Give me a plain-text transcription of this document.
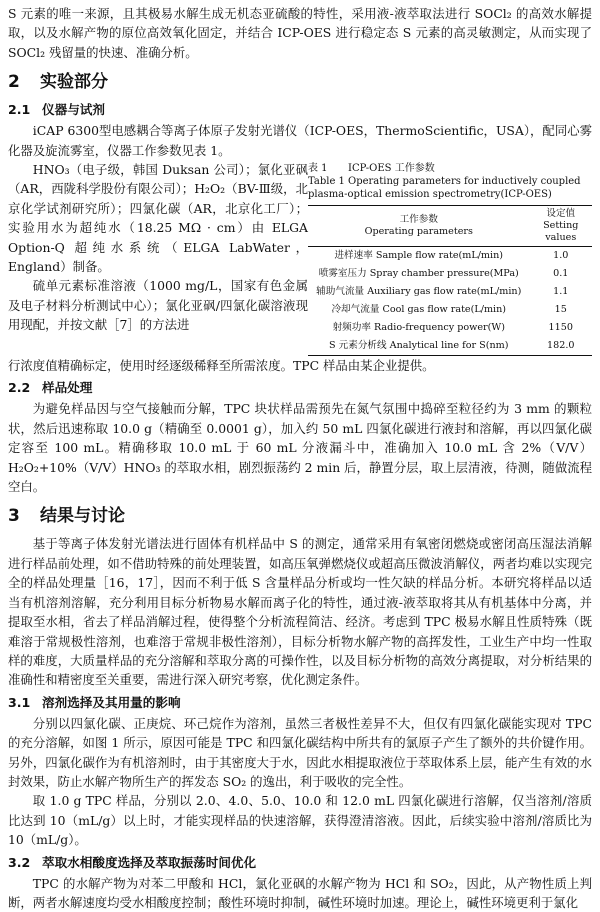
S 元素的唯一来源，且其极易水解生成无机态亚硫酸的特性，采用液-液萃取法进行 SOCl₂ 的高效水解提取，以及水解产物的原位高效氧化固定，并结合 ICP-OES 进行稳定态 S 元素的高灵敏测定，从而实现了 SOCl₂ 残留量的快速、准确分析。

2 实验部分
2.1 仪器与试剂

iCAP 6300型电感耦合等离子体原子发射光谱仪（ICP-OES，ThermoScientific，USA），配同心雾化器及旋流雾室，仪器工作参数见表 1。

HNO₃（电子级，韩国 Duksan 公司）；氯化亚砜（AR，西陇科学股份有限公司）；H₂O₂（BV-Ⅲ级，北京化学试剂研究所）；四氯化碳（AR，北京化工厂）；实验用水为超纯水（18.25 MΩ · cm）由 ELGA Option-Q 超纯水系统（ELGA LabWater，England）制备。

硫单元素标准溶液（1000 mg/L，国家有色金属及电子材料分析测试中心）；氯化亚砜/四氯化碳溶液现用现配，并按文献［7］的方法进

表 1 ICP-OES 工作参数
Table 1 Operating parameters for inductively coupled plasma-optical emission spectrometry(ICP-OES)
工作参数
Operating parameters	设定值
Setting values
进样速率 Sample flow rate(mL/min)	1.0
喷雾室压力 Spray chamber pressure(MPa)	0.1
辅助气流量 Auxiliary gas flow rate(mL/min)	1.1
冷却气流量 Cool gas flow rate(L/min)	15
射频功率 Radio-frequency power(W)	1150
S 元素分析线 Analytical line for S(nm)	182.0

行浓度值精确标定，使用时经逐级稀释至所需浓度。TPC 样品由某企业提供。

2.2 样品处理

为避免样品因与空气接触而分解，TPC 块状样品需预先在氮气氛围中捣碎至粒径约为 3 mm 的颗粒状，然后迅速称取 10.0 g（精确至 0.0001 g），加入约 50 mL 四氯化碳进行液封和溶解，再以四氯化碳定容至 100 mL。精确移取 10.0 mL 于 60 mL 分液漏斗中，准确加入 10.0 mL 含 2%（V/V）H₂O₂+10%（V/V）HNO₃ 的萃取水相，剧烈振荡约 2 min 后，静置分层，取上层清液，待测，随做流程空白。

3 结果与讨论

基于等离子体发射光谱法进行固体有机样品中 S 的测定，通常采用有氧密闭燃烧或密闭高压湿法消解进行样品前处理，如不借助特殊的前处理装置，如高压氧弹燃烧仪或超高压微波消解仪，两者均难以实现完全的样品处理量［16，17］，因而不利于低 S 含量样品分析或均一性欠缺的样品分析。本研究将样品以适当有机溶剂溶解，充分利用目标分析物易水解而离子化的特性，通过液-液萃取将其从有机基体中分离，并提取至水相，省去了样品消解过程，使得整个分析流程简洁、经济。考虑到 TPC 极易水解且性质特殊（既难溶于常规极性溶剂，也难溶于常规非极性溶剂），目标分析物水解产物的高挥发性，工业生产中均一性取样的难度，大质量样品的充分溶解和萃取分离的可操作性，以及目标分析物的高效分离提取，对分析结果的准确性和精密度至关重要，需进行深入研究考察，优化测定条件。

3.1 溶剂选择及其用量的影响

分别以四氯化碳、正庚烷、环己烷作为溶剂，虽然三者极性差异不大，但仅有四氯化碳能实现对 TPC 的充分溶解，如图 1 所示，原因可能是 TPC 和四氯化碳结构中所共有的氯原子产生了额外的共价键作用。另外，四氯化碳作为有机溶剂时，由于其密度大于水，因此水相提取液位于萃取体系上层，能产生有效的水封效果，防止水解产物所生产的挥发态 SO₂ 的逸出，利于吸收的完全性。

取 1.0 g TPC 样品，分别以 2.0、4.0、5.0、10.0 和 12.0 mL 四氯化碳进行溶解，仅当溶剂/溶质比达到 10（mL/g）以上时，才能实现样品的快速溶解，获得澄清溶液。因此，后续实验中溶剂/溶质比为 10（mL/g）。

3.2 萃取水相酸度选择及萃取振荡时间优化

TPC 的水解产物为对苯二甲酸和 HCl，氯化亚砜的水解产物为 HCl 和 SO₂，因此，从产物性质上判断，两者水解速度均受水相酸度控制；酸性环境时抑制，碱性环境时加速。理论上，碱性环境更利于氯化
